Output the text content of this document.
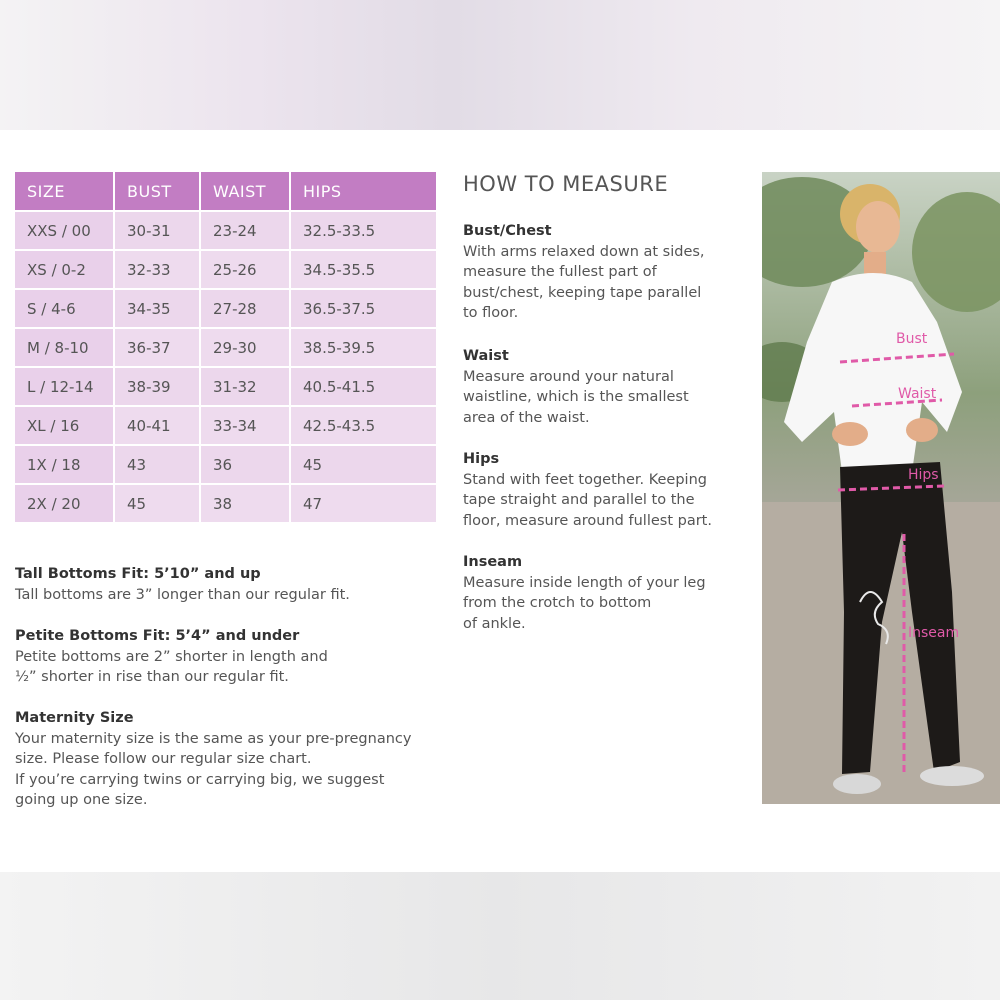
SIZE	BUST	WAIST	HIPS
XXS / 00	30-31	23-24	32.5-33.5
XS / 0-2	32-33	25-26	34.5-35.5
S / 4-6	34-35	27-28	36.5-37.5
M / 8-10	36-37	29-30	38.5-39.5
L / 12-14	38-39	31-32	40.5-41.5
XL / 16	40-41	33-34	42.5-43.5
1X / 18	43	36	45
2X / 20	45	38	47
Tall Bottoms Fit: 5’10” and up
Tall bottoms are 3” longer than our regular fit.
Petite Bottoms Fit: 5’4” and under
Petite bottoms are 2” shorter in length and
½” shorter in rise than our regular fit.
Maternity Size
Your maternity size is the same as your pre-pregnancy
size. Please follow our regular size chart.
If you’re carrying twins or carrying big, we suggest
going up one size.
HOW TO MEASURE
Bust/Chest
With arms relaxed down at sides,
measure the fullest part of
bust/chest, keeping tape parallel
to floor.
Waist
Measure around your natural
waistline, which is the smallest
area of the waist.
Hips
Stand with feet together. Keeping
tape straight and parallel to the
floor, measure around fullest part.
Inseam
Measure inside length of your leg
from the crotch to bottom
of ankle.
Bust
Waist
Hips
Inseam
